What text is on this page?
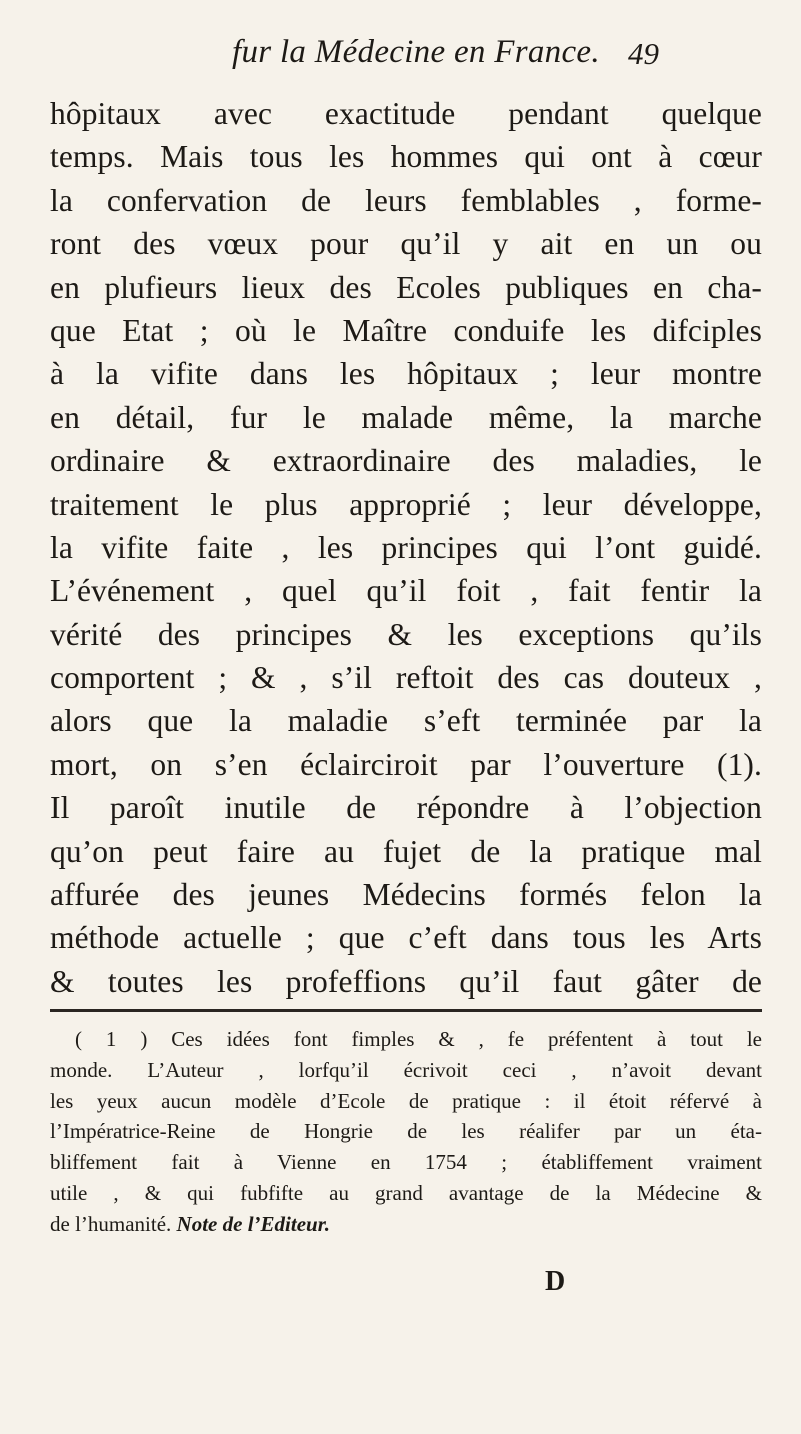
fur la Médecine en France. 49
hôpitaux avec exactitude pendant quelque
temps. Mais tous les hommes qui ont à cœur
la confervation de leurs femblables , forme-
ront des vœux pour qu’il y ait en un ou
en plufieurs lieux des Ecoles publiques en cha-
que Etat ; où le Maître conduife les difciples
à la vifite dans les hôpitaux ; leur montre
en détail, fur le malade même, la marche
ordinaire & extraordinaire des maladies, le
traitement le plus approprié ; leur développe,
la vifite faite , les principes qui l’ont guidé.
L’événement , quel qu’il foit , fait fentir la
vérité des principes & les exceptions qu’ils
comportent ; & , s’il reftoit des cas douteux ,
alors que la maladie s’eft terminée par la
mort, on s’en éclairciroit par l’ouverture (1).
Il paroît inutile de répondre à l’objection
qu’on peut faire au fujet de la pratique mal
affurée des jeunes Médecins formés felon la
méthode actuelle ; que c’eft dans tous les Arts
& toutes les profeffions qu’il faut gâter de
( 1 ) Ces idées font fimples & , fe préfentent à tout le
monde. L’Auteur , lorfqu’il écrivoit ceci , n’avoit devant
les yeux aucun modèle d’Ecole de pratique : il étoit réfervé à
l’Impératrice-Reine de Hongrie de les réalifer par un éta-
bliffement fait à Vienne en 1754 ; établiffement vraiment
utile , & qui fubfifte au grand avantage de la Médecine &
de l’humanité. Note de l’Editeur.
D
